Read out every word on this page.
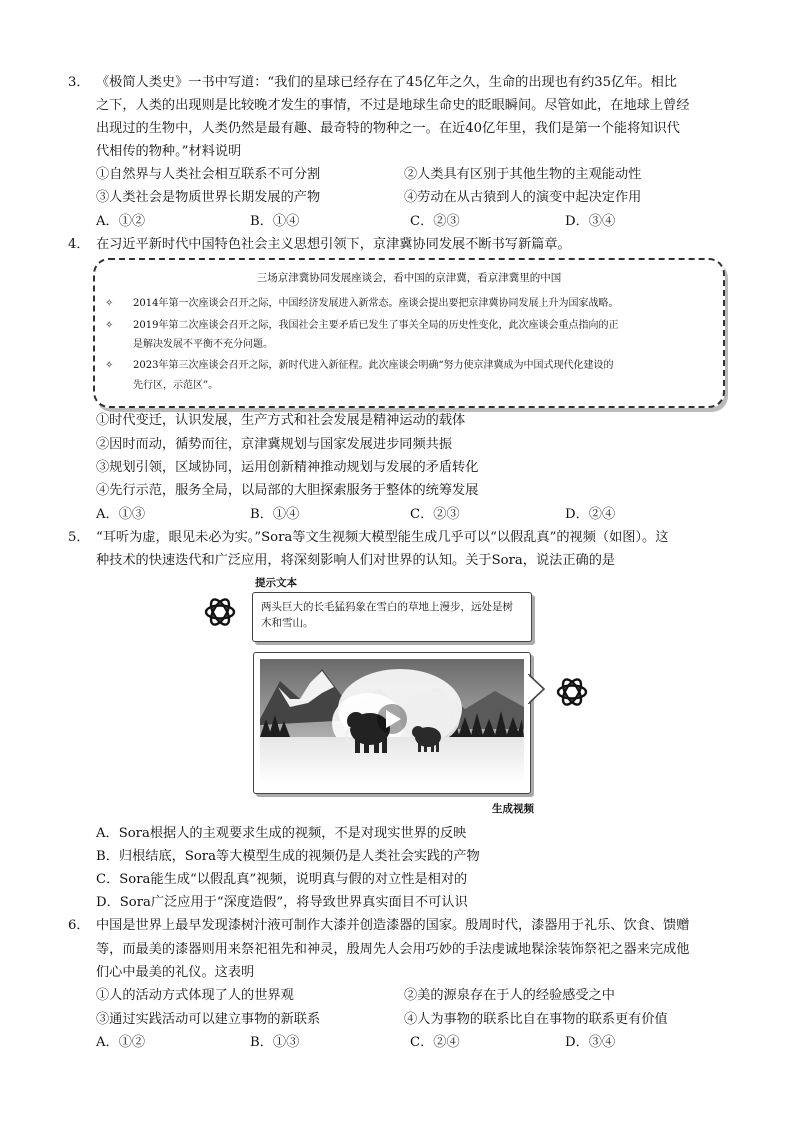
3． 《极简人类史》一书中写道：“我们的星球已经存在了45亿年之久，生命的出现也有约35亿年。相比
之下，人类的出现则是比较晚才发生的事情，不过是地球生命史的眨眼瞬间。尽管如此，在地球上曾经
出现过的生物中，人类仍然是最有趣、最奇特的物种之一。在近40亿年里，我们是第一个能将知识代
代相传的物种。”材料说明
①自然界与人类社会相互联系不可分割	②人类具有区别于其他生物的主观能动性
③人类社会是物质世界长期发展的产物	④劳动在从古猿到人的演变中起决定作用
A．①②	B．①④	C．②③	D．③④
4． 在习近平新时代中国特色社会主义思想引领下，京津冀协同发展不断书写新篇章。
三场京津冀协同发展座谈会，看中国的京津冀，看京津冀里的中国
✧ 2014年第一次座谈会召开之际，中国经济发展进入新常态。座谈会提出要把京津冀协同发展上升为国家战略。
✧ 2019年第二次座谈会召开之际，我国社会主要矛盾已发生了事关全局的历史性变化，此次座谈会重点指向的正
是解决发展不平衡不充分问题。
✧ 2023年第三次座谈会召开之际，新时代进入新征程。此次座谈会明确“努力使京津冀成为中国式现代化建设的
先行区，示范区”。
①时代变迁，认识发展，生产方式和社会发展是精神运动的载体
②因时而动，循势而往，京津冀规划与国家发展进步同频共振
③规划引领，区域协同，运用创新精神推动规划与发展的矛盾转化
④先行示范，服务全局，以局部的大胆探索服务于整体的统筹发展
A．①③	B．①④	C．②③	D．②④
5． “耳听为虚，眼见未必为实。”Sora等文生视频大模型能生成几乎可以“以假乱真”的视频（如图）。这
种技术的快速迭代和广泛应用，将深刻影响人们对世界的认知。关于Sora，说法正确的是
提示文本
两头巨大的长毛猛犸象在雪白的草地上漫步，远处是树木和雪山。
生成视频
A．Sora根据人的主观要求生成的视频，不是对现实世界的反映
B．归根结底，Sora等大模型生成的视频仍是人类社会实践的产物
C．Sora能生成“以假乱真”视频，说明真与假的对立性是相对的
D．Sora广泛应用于“深度造假”，将导致世界真实面目不可认识
6． 中国是世界上最早发现漆树汁液可制作大漆并创造漆器的国家。殷周时代，漆器用于礼乐、饮食、馈赠
等，而最美的漆器则用来祭祀祖先和神灵，殷周先人会用巧妙的手法虔诚地髹涂装饰祭祀之器来完成他
们心中最美的礼仪。这表明
①人的活动方式体现了人的世界观	②美的源泉存在于人的经验感受之中
③通过实践活动可以建立事物的新联系	④人为事物的联系比自在事物的联系更有价值
A．①②	B．①③	C．②④	D．③④
